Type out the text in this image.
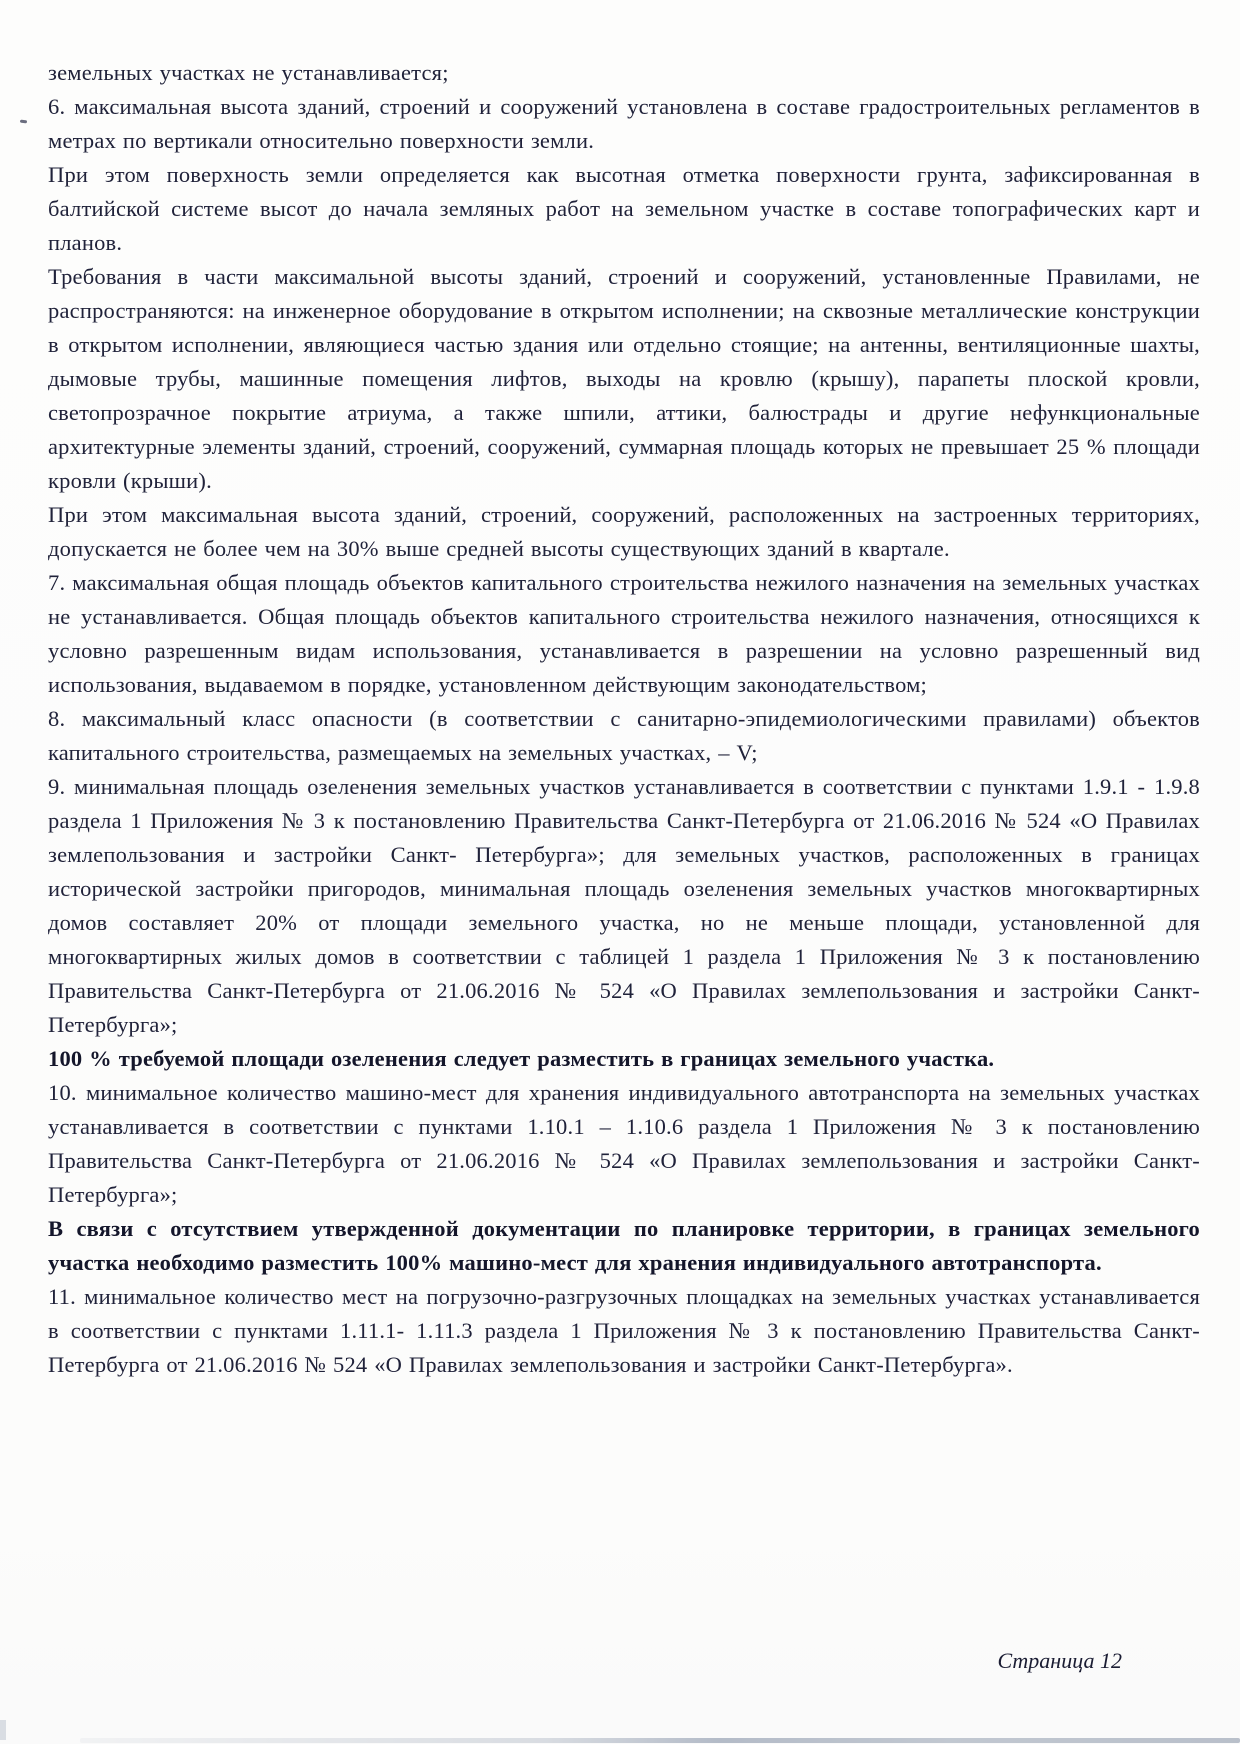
земельных участках не устанавливается;

6. максимальная высота зданий, строений и сооружений установлена в составе градостроительных регламентов в метрах по вертикали относительно поверхности земли.

При этом поверхность земли определяется как высотная отметка поверхности грунта, зафиксированная в балтийской системе высот до начала земляных работ на земельном участке в составе топографических карт и планов.

Требования в части максимальной высоты зданий, строений и сооружений, установленные Правилами, не распространяются: на инженерное оборудование в открытом исполнении; на сквозные металлические конструкции в открытом исполнении, являющиеся частью здания или отдельно стоящие; на антенны, вентиляционные шахты, дымовые трубы, машинные помещения лифтов, выходы на кровлю (крышу), парапеты плоской кровли, светопрозрачное покрытие атриума, а также шпили, аттики, балюстрады и другие нефункциональные архитектурные элементы зданий, строений, сооружений, суммарная площадь которых не превышает 25 % площади кровли (крыши).

При этом максимальная высота зданий, строений, сооружений, расположенных на застроенных территориях, допускается не более чем на 30% выше средней высоты существующих зданий в квартале.

7. максимальная общая площадь объектов капитального строительства нежилого назначения на земельных участках не устанавливается. Общая площадь объектов капитального строительства нежилого назначения, относящихся к условно разрешенным видам использования, устанавливается в разрешении на условно разрешенный вид использования, выдаваемом в порядке, установленном действующим законодательством;

8. максимальный класс опасности (в соответствии с санитарно-эпидемиологическими правилами) объектов капитального строительства, размещаемых на земельных участках, – V;

9. минимальная площадь озеленения земельных участков устанавливается в соответствии с пунктами 1.9.1 - 1.9.8 раздела 1 Приложения № 3 к постановлению Правительства Санкт-Петербурга от 21.06.2016 № 524 «О Правилах землепользования и застройки Санкт- Петербурга»; для земельных участков, расположенных в границах исторической застройки пригородов, минимальная площадь озеленения земельных участков многоквартирных домов составляет 20% от площади земельного участка, но не меньше площади, установленной для многоквартирных жилых домов в соответствии с таблицей 1 раздела 1 Приложения № 3 к постановлению Правительства Санкт-Петербурга от 21.06.2016 № 524 «О Правилах землепользования и застройки Санкт-Петербурга»;

100 % требуемой площади озеленения следует разместить в границах земельного участка.

10. минимальное количество машино-мест для хранения индивидуального автотранспорта на земельных участках устанавливается в соответствии с пунктами 1.10.1 – 1.10.6 раздела 1 Приложения № 3 к постановлению Правительства Санкт-Петербурга от 21.06.2016 № 524 «О Правилах землепользования и застройки Санкт-Петербурга»;

В связи с отсутствием утвержденной документации по планировке территории, в границах земельного участка необходимо разместить 100% машино-мест для хранения индивидуального автотранспорта.

11. минимальное количество мест на погрузочно-разгрузочных площадках на земельных участках устанавливается в соответствии с пунктами 1.11.1- 1.11.3 раздела 1 Приложения № 3 к постановлению Правительства Санкт-Петербурга от 21.06.2016 № 524 «О Правилах землепользования и застройки Санкт-Петербурга».

Страница 12
